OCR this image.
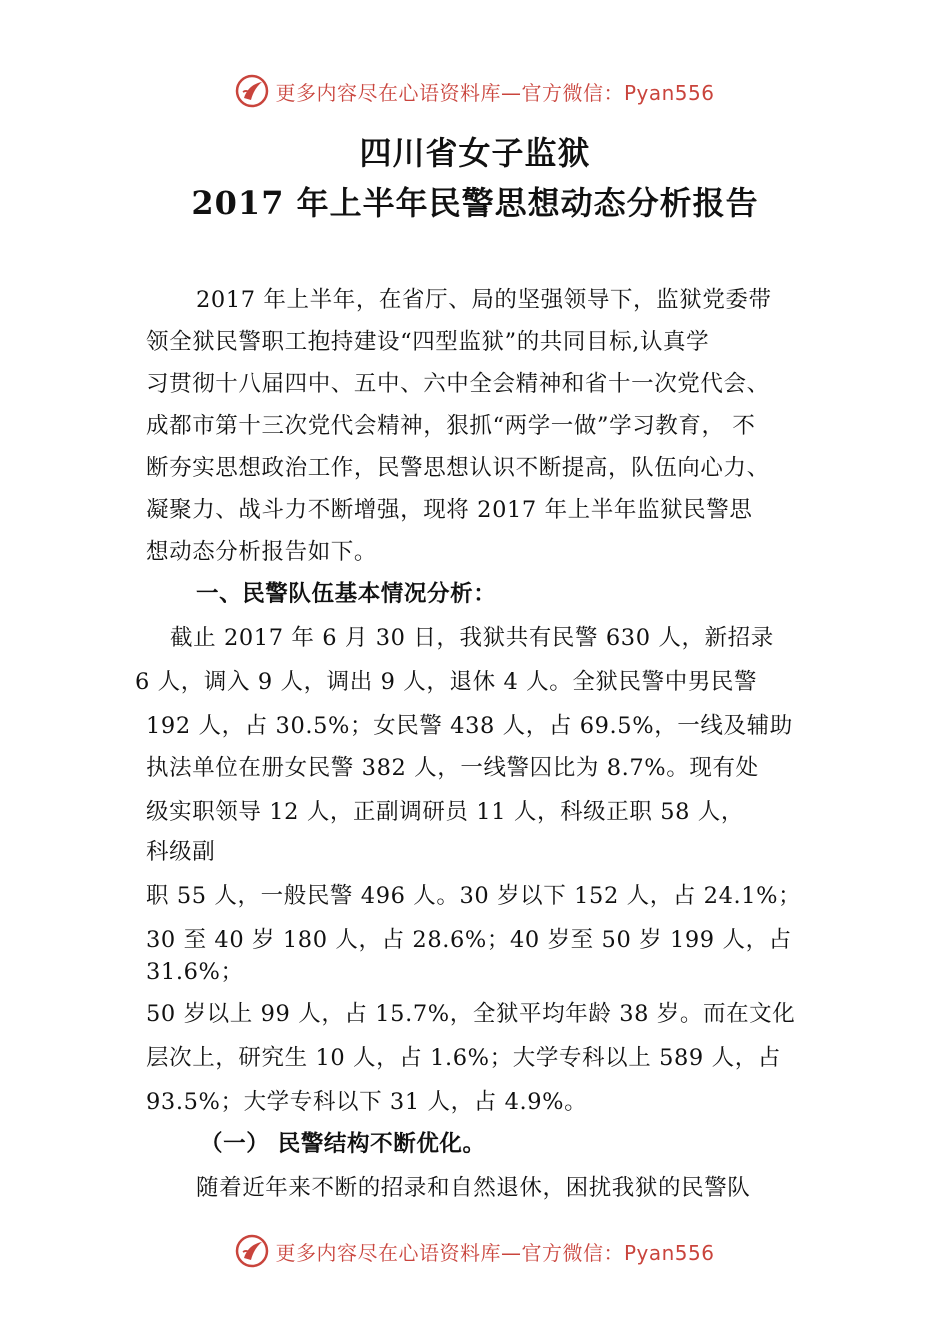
更多内容尽在心语资料库—官方微信：Pyan556
四川省女子监狱
2017 年上半年民警思想动态分析报告
2017 年上半年，在省厅、局的坚强领导下，监狱党委带
领全狱民警职工抱持建设“四型监狱”的共同目标,认真学
习贯彻十八届四中、五中、六中全会精神和省十一次党代会、
成都市第十三次党代会精神，狠抓“两学一做”学习教育， 不
断夯实思想政治工作，民警思想认识不断提高，队伍向心力、
凝聚力、战斗力不断增强，现将 2017 年上半年监狱民警思
想动态分析报告如下。
一、民警队伍基本情况分析：
截止 2017 年 6 月 30 日，我狱共有民警 630 人，新招录
6 人，调入 9 人，调出 9 人，退休 4 人。全狱民警中男民警
192 人，占 30.5%；女民警 438 人，占 69.5%，一线及辅助
执法单位在册女民警 382 人，一线警囚比为 8.7%。现有处
级实职领导 12 人，正副调研员 11 人，科级正职 58 人，
科级副
职 55 人，一般民警 496 人。30 岁以下 152 人，占 24.1%；
30 至 40 岁 180 人，占 28.6%；40 岁至 50 岁 199 人，占
31.6%；
50 岁以上 99 人，占 15.7%，全狱平均年龄 38 岁。而在文化
层次上，研究生 10 人，占 1.6%；大学专科以上 589 人，占
93.5%；大学专科以下 31 人，占 4.9%。
（一） 民警结构不断优化。
随着近年来不断的招录和自然退休，困扰我狱的民警队
更多内容尽在心语资料库—官方微信：Pyan556
